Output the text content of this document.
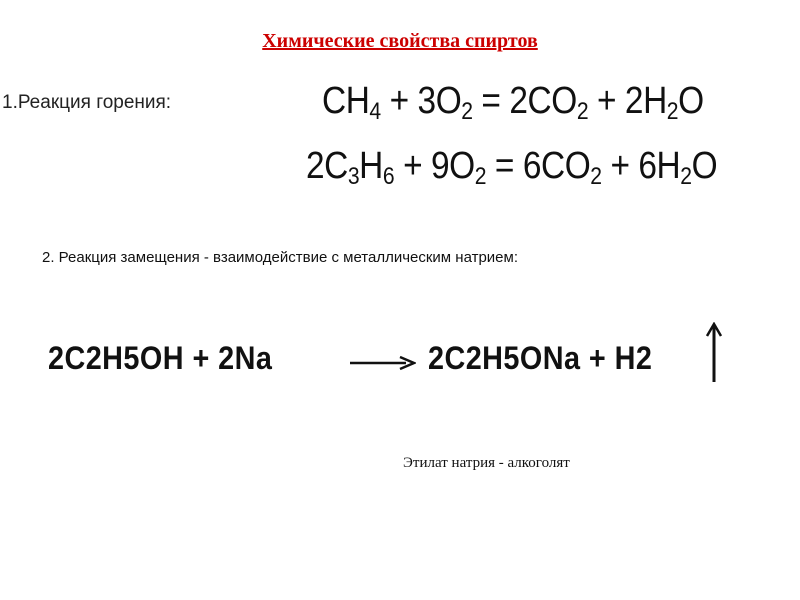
Химические свойства спиртов
1.Реакция горения:	$CH_4 + 3O_2 = 2CO_2 + 2H_2O$
$2C_3H_6 + 9O_2 = 6CO_2 + 6H_2O$
2. Реакция замещения - взаимодействие с металлическим натрием:
2C2H5OH + 2Na	2C2H5ONa + H2
Этилат натрия - алкоголят
